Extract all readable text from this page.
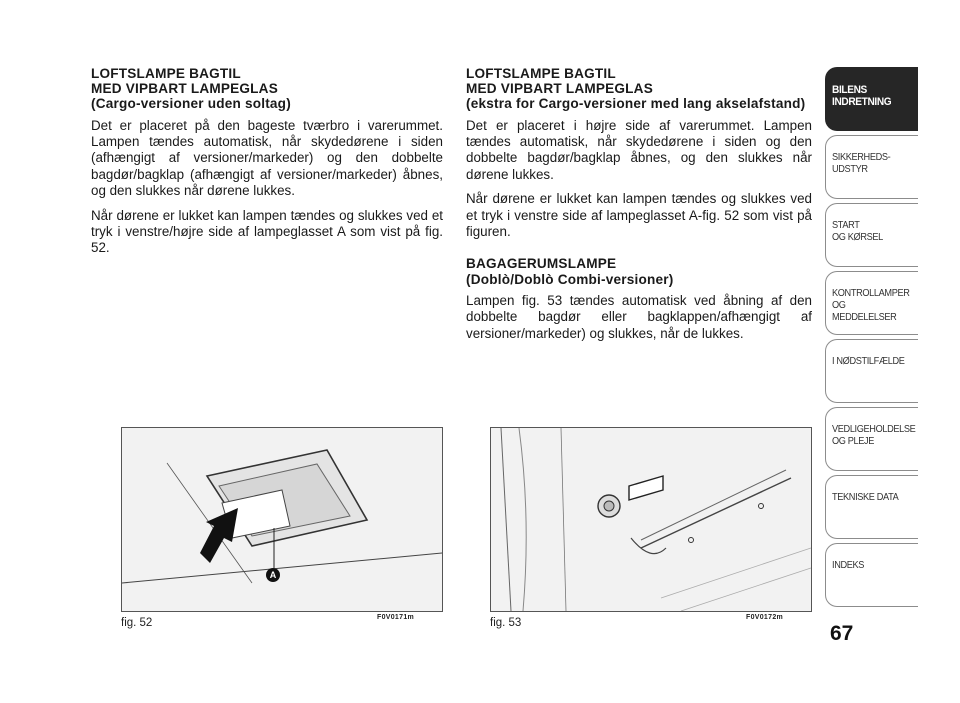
LOFTSLAMPE BAGTIL
MED VIPBART LAMPEGLAS
(Cargo-versioner uden soltag)

Det er placeret på den bageste tværbro i varerummet. Lampen tændes automatisk, når skydedørene i siden (afhængigt af versioner/markeder) og den dobbelte bagdør/bagklap (afhængigt af versioner/markeder) åbnes, og den slukkes når dørene lukkes.

Når dørene er lukket kan lampen tændes og slukkes ved et tryk i venstre/højre side af lampeglasset A som vist på fig. 52.

LOFTSLAMPE BAGTIL
MED VIPBART LAMPEGLAS
(ekstra for Cargo-versioner med lang akselafstand)

Det er placeret i højre side af varerummet. Lampen tændes automatisk, når skydedørene i siden og den dobbelte bagdør/bagklap åbnes, og den slukkes når dørene lukkes.

Når dørene er lukket kan lampen tændes og slukkes ved et tryk i venstre side af lampeglasset A-fig. 52 som vist på figuren.

BAGAGERUMSLAMPE
(Doblò/Doblò Combi-versioner)

Lampen fig. 53 tændes automatisk ved åbning af den dobbelte bagdør eller bagklappen/afhængigt af versioner/markeder) og slukkes, når de lukkes.

A
fig. 52	F0V0171m	fig. 53	F0V0172m
67
BILENS
INDRETNING
SIKKERHEDS-
UDSTYR
START
OG KØRSEL
KONTROLLAMPER
OG MEDDELELSER
I NØDSTILFÆLDE
VEDLIGEHOLDELSE
OG PLEJE
TEKNISKE DATA
INDEKS
